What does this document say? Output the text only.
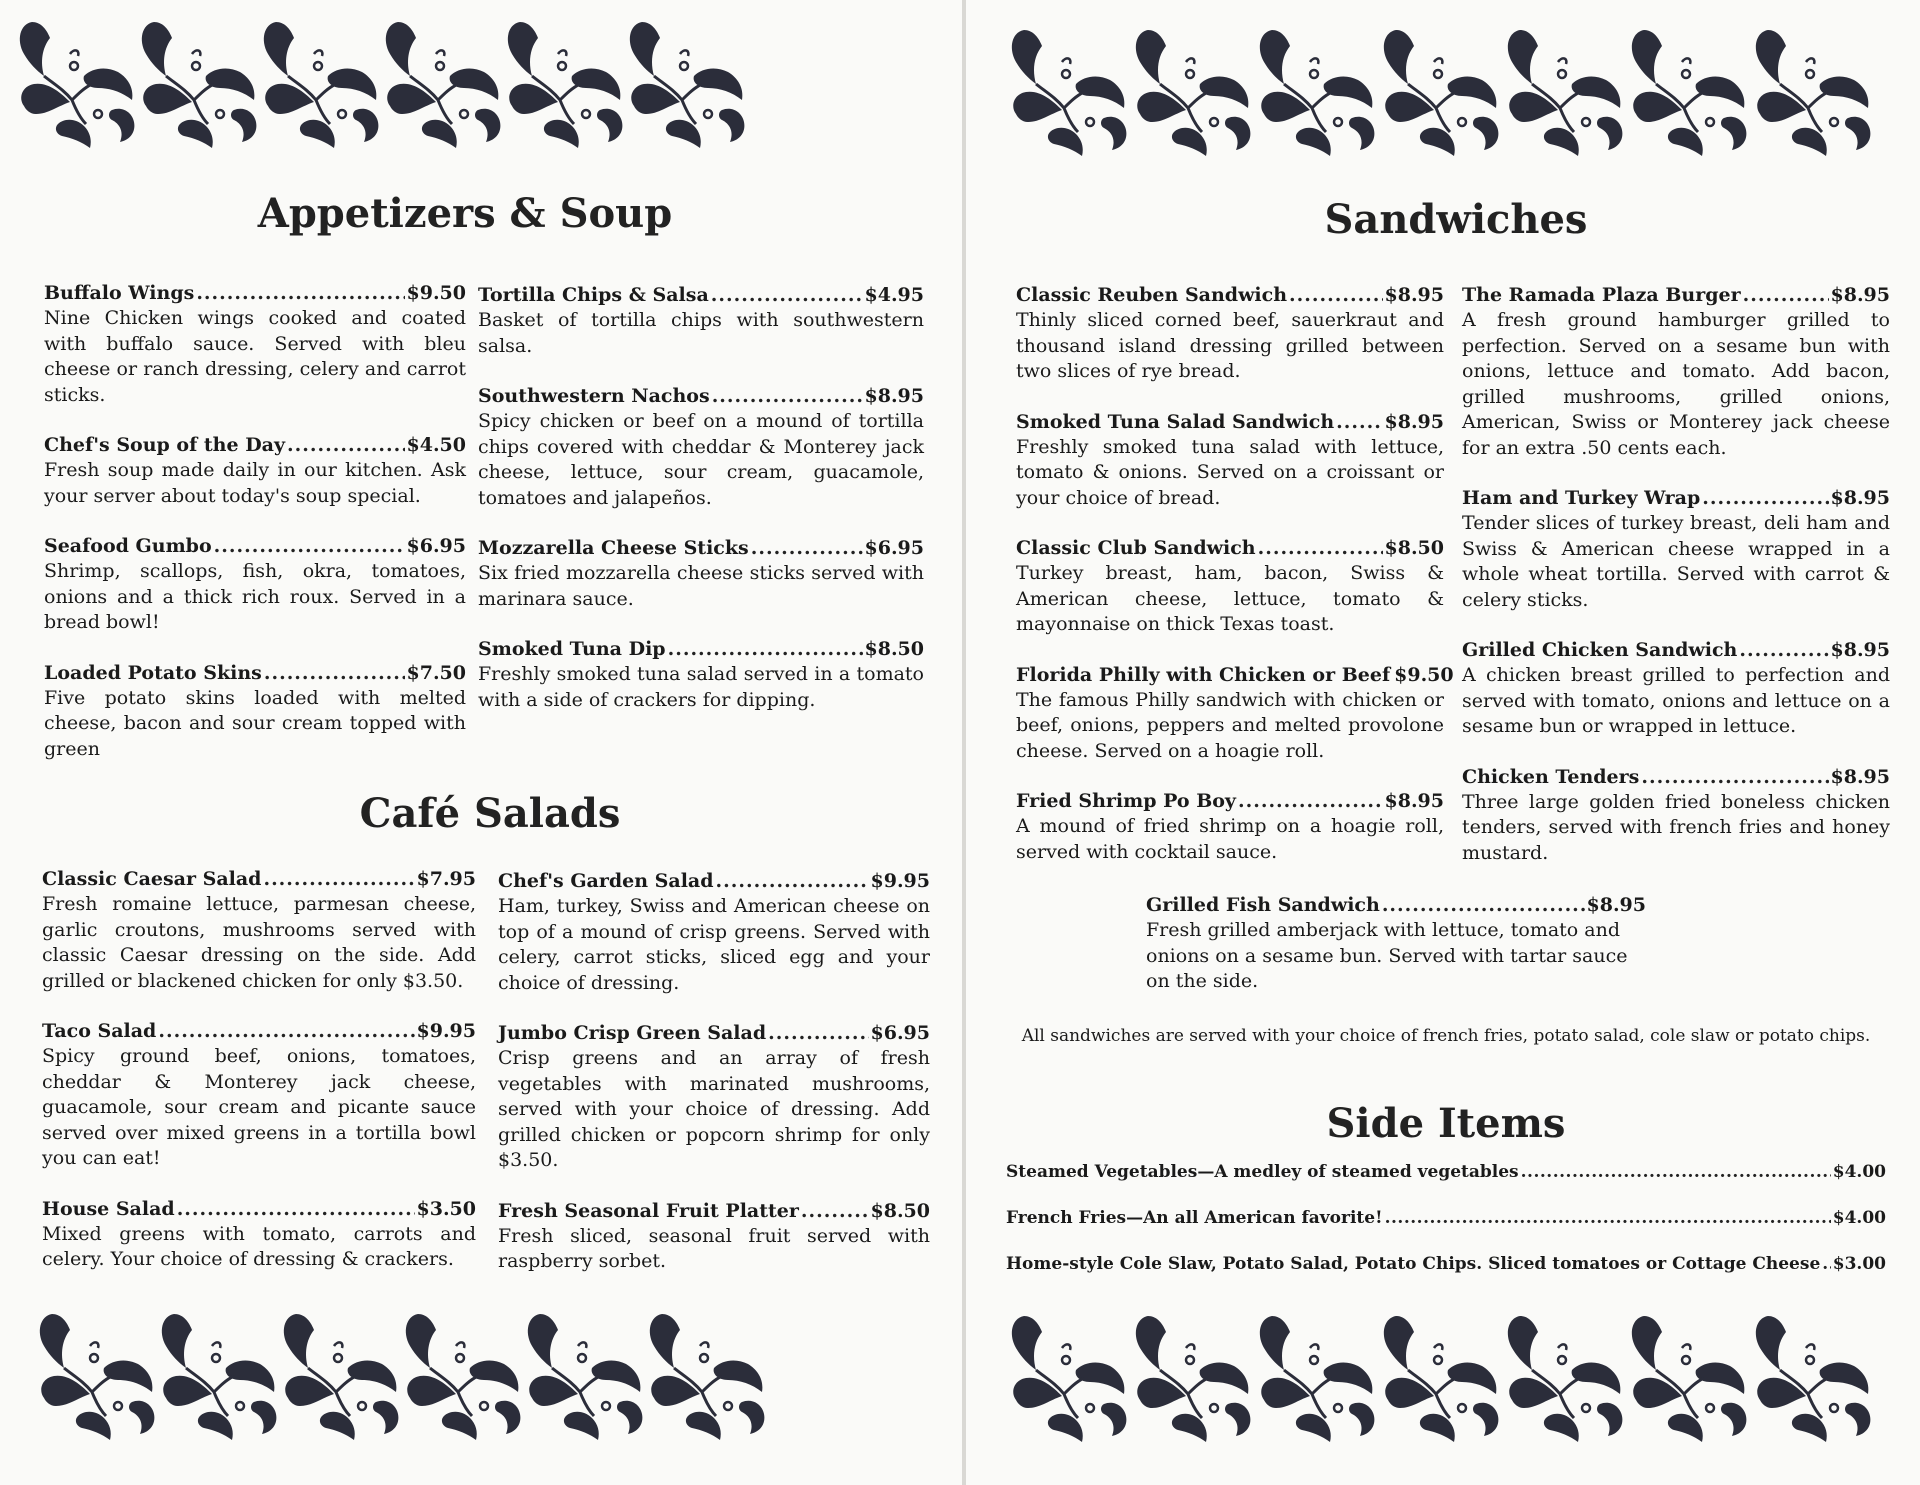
Appetizers & Soup
Buffalo Wings .....	$9.50

Nine Chicken wings cooked and coated with buffalo sauce. Served with bleu cheese or ranch dressing, celery and carrot sticks.

Chef's Soup of the Day .....	$4.50

Fresh soup made daily in our kitchen. Ask your server about today's soup special.

Seafood Gumbo .....	$6.95

Shrimp, scallops, fish, okra, tomatoes, onions and a thick rich roux. Served in a bread bowl!

Loaded Potato Skins .....	$7.50

Five potato skins loaded with melted cheese, bacon and sour cream topped with green

Tortilla Chips & Salsa .....	$4.95

Basket of tortilla chips with southwestern salsa.

Southwestern Nachos .....	$8.95

Spicy chicken or beef on a mound of tortilla chips covered with cheddar & Monterey jack cheese, lettuce, sour cream, guacamole, tomatoes and jalapeños.

Mozzarella Cheese Sticks .....	$6.95

Six fried mozzarella cheese sticks served with marinara sauce.

Smoked Tuna Dip .....	$8.50

Freshly smoked tuna salad served in a tomato with a side of crackers for dipping.

Café Salads
Classic Caesar Salad .....	$7.95

Fresh romaine lettuce, parmesan cheese, garlic croutons, mushrooms served with classic Caesar dressing on the side. Add grilled or blackened chicken for only $3.50.

Taco Salad .....	$9.95

Spicy ground beef, onions, tomatoes, cheddar & Monterey jack cheese, guacamole, sour cream and picante sauce served over mixed greens in a tortilla bowl you can eat!

House Salad .....	$3.50

Mixed greens with tomato, carrots and celery. Your choice of dressing & crackers.

Chef's Garden Salad .....	$9.95

Ham, turkey, Swiss and American cheese on top of a mound of crisp greens. Served with celery, carrot sticks, sliced egg and your choice of dressing.

Jumbo Crisp Green Salad .....	$6.95

Crisp greens and an array of fresh vegetables with marinated mushrooms, served with your choice of dressing. Add grilled chicken or popcorn shrimp for only $3.50.

Fresh Seasonal Fruit Platter .....	$8.50

Fresh sliced, seasonal fruit served with raspberry sorbet.

Sandwiches
Classic Reuben Sandwich .....	$8.95

Thinly sliced corned beef, sauerkraut and thousand island dressing grilled between two slices of rye bread.

Smoked Tuna Salad Sandwich .....	$8.95

Freshly smoked tuna salad with lettuce, tomato & onions. Served on a croissant or your choice of bread.

Classic Club Sandwich .....	$8.50

Turkey breast, ham, bacon, Swiss & American cheese, lettuce, tomato & mayonnaise on thick Texas toast.

Florida Philly with Chicken or Beef $9.50

The famous Philly sandwich with chicken or beef, onions, peppers and melted provolone cheese. Served on a hoagie roll.

Fried Shrimp Po Boy .....	$8.95

A mound of fried shrimp on a hoagie roll, served with cocktail sauce.

The Ramada Plaza Burger .....	$8.95

A fresh ground hamburger grilled to perfection. Served on a sesame bun with onions, lettuce and tomato. Add bacon, grilled mushrooms, grilled onions, American, Swiss or Monterey jack cheese for an extra .50 cents each.

Ham and Turkey Wrap .....	$8.95

Tender slices of turkey breast, deli ham and Swiss & American cheese wrapped in a whole wheat tortilla. Served with carrot & celery sticks.

Grilled Chicken Sandwich .....	$8.95

A chicken breast grilled to perfection and served with tomato, onions and lettuce on a sesame bun or wrapped in lettuce.

Chicken Tenders .....	$8.95

Three large golden fried boneless chicken tenders, served with french fries and honey mustard.

Grilled Fish Sandwich .....	$8.95

Fresh grilled amberjack with lettuce, tomato and onions on a sesame bun. Served with tartar sauce on the side.

All sandwiches are served with your choice of french fries, potato salad, cole slaw or potato chips.

Side Items
Steamed Vegetables—A medley of steamed vegetables .....	$4.00
French Fries—An all American favorite! .....	$4.00
Home-style Cole Slaw, Potato Salad, Potato Chips. Sliced tomatoes or Cottage Cheese ..... $3.00
